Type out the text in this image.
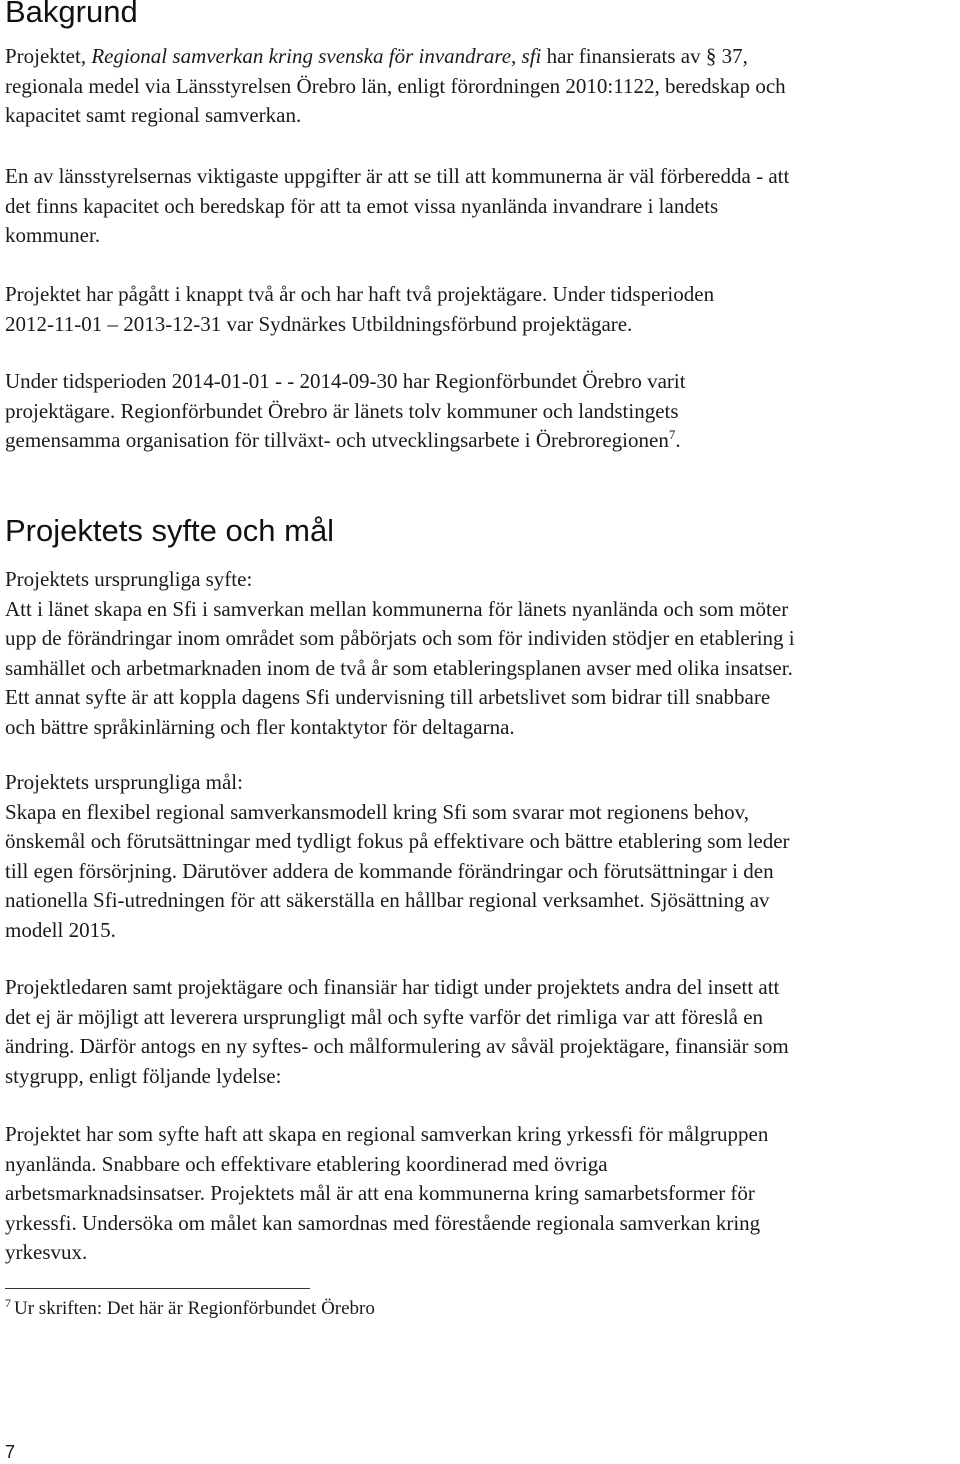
Bakgrund
Projektet, Regional samverkan kring svenska för invandrare, sfi har finansierats av § 37,
regionala medel via Länsstyrelsen Örebro län, enligt förordningen 2010:1122, beredskap och
kapacitet samt regional samverkan.
En av länsstyrelsernas viktigaste uppgifter är att se till att kommunerna är väl förberedda - att
det finns kapacitet och beredskap för att ta emot vissa nyanlända invandrare i landets
kommuner.
Projektet har pågått i knappt två år och har haft två projektägare. Under tidsperioden
2012-11-01 – 2013-12-31 var Sydnärkes Utbildningsförbund projektägare.
Under tidsperioden 2014-01-01 - - 2014-09-30 har Regionförbundet Örebro varit
projektägare. Regionförbundet Örebro är länets tolv kommuner och landstingets
gemensamma organisation för tillväxt- och utvecklingsarbete i Örebroregionen$^7$.
Projektets syfte och mål
Projektets ursprungliga syfte:
Att i länet skapa en Sfi i samverkan mellan kommunerna för länets nyanlända och som möter
upp de förändringar inom området som påbörjats och som för individen stödjer en etablering i
samhället och arbetmarknaden inom de två år som etableringsplanen avser med olika insatser.
Ett annat syfte är att koppla dagens Sfi undervisning till arbetslivet som bidrar till snabbare
och bättre språkinlärning och fler kontaktytor för deltagarna.
Projektets ursprungliga mål:
Skapa en flexibel regional samverkansmodell kring Sfi som svarar mot regionens behov,
önskemål och förutsättningar med tydligt fokus på effektivare och bättre etablering som leder
till egen försörjning. Därutöver addera de kommande förändringar och förutsättningar i den
nationella Sfi-utredningen för att säkerställa en hållbar regional verksamhet. Sjösättning av
modell 2015.
Projektledaren samt projektägare och finansiär har tidigt under projektets andra del insett att
det ej är möjligt att leverera ursprungligt mål och syfte varför det rimliga var att föreslå en
ändring. Därför antogs en ny syftes- och målformulering av såväl projektägare, finansiär som
stygrupp, enligt följande lydelse:
Projektet har som syfte haft att skapa en regional samverkan kring yrkessfi för målgruppen
nyanlända. Snabbare och effektivare etablering koordinerad med övriga
arbetsmarknadsinsatser. Projektets mål är att ena kommunerna kring samarbetsformer för
yrkessfi. Undersöka om målet kan samordnas med förestående regionala samverkan kring
yrkesvux.
$^7$ Ur skriften: Det här är Regionförbundet Örebro
7
